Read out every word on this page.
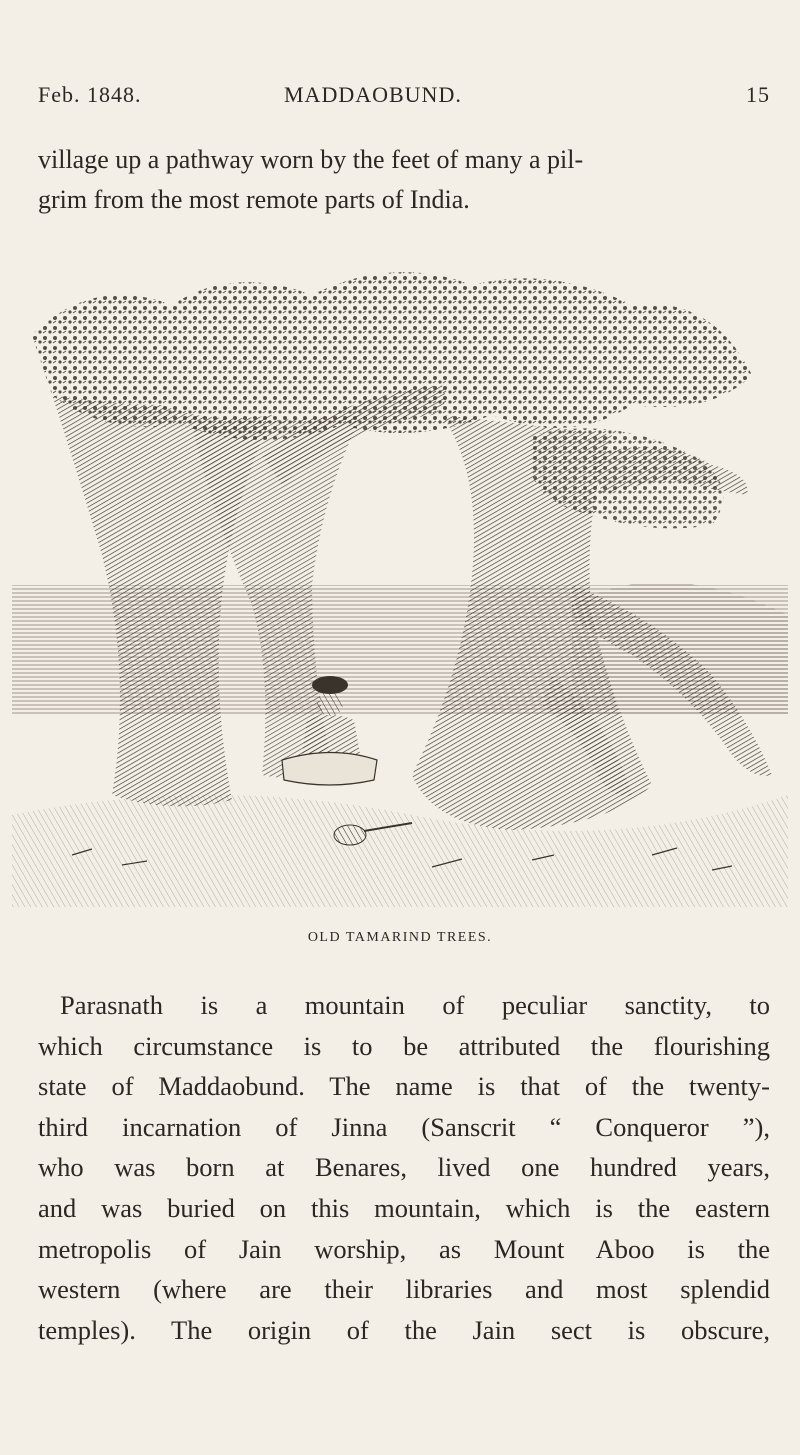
Feb. 1848.	MADDAOBUND.	15
village up a pathway worn by the feet of many a pil-
grim from the most remote parts of India.
OLD TAMARIND TREES.
Parasnath is a mountain of peculiar sanctity, to
which circumstance is to be attributed the flourishing
state of Maddaobund. The name is that of the twenty-
third incarnation of Jinna (Sanscrit “ Conqueror ”),
who was born at Benares, lived one hundred years,
and was buried on this mountain, which is the eastern
metropolis of Jain worship, as Mount Aboo is the
western (where are their libraries and most splendid
temples). The origin of the Jain sect is obscure,
